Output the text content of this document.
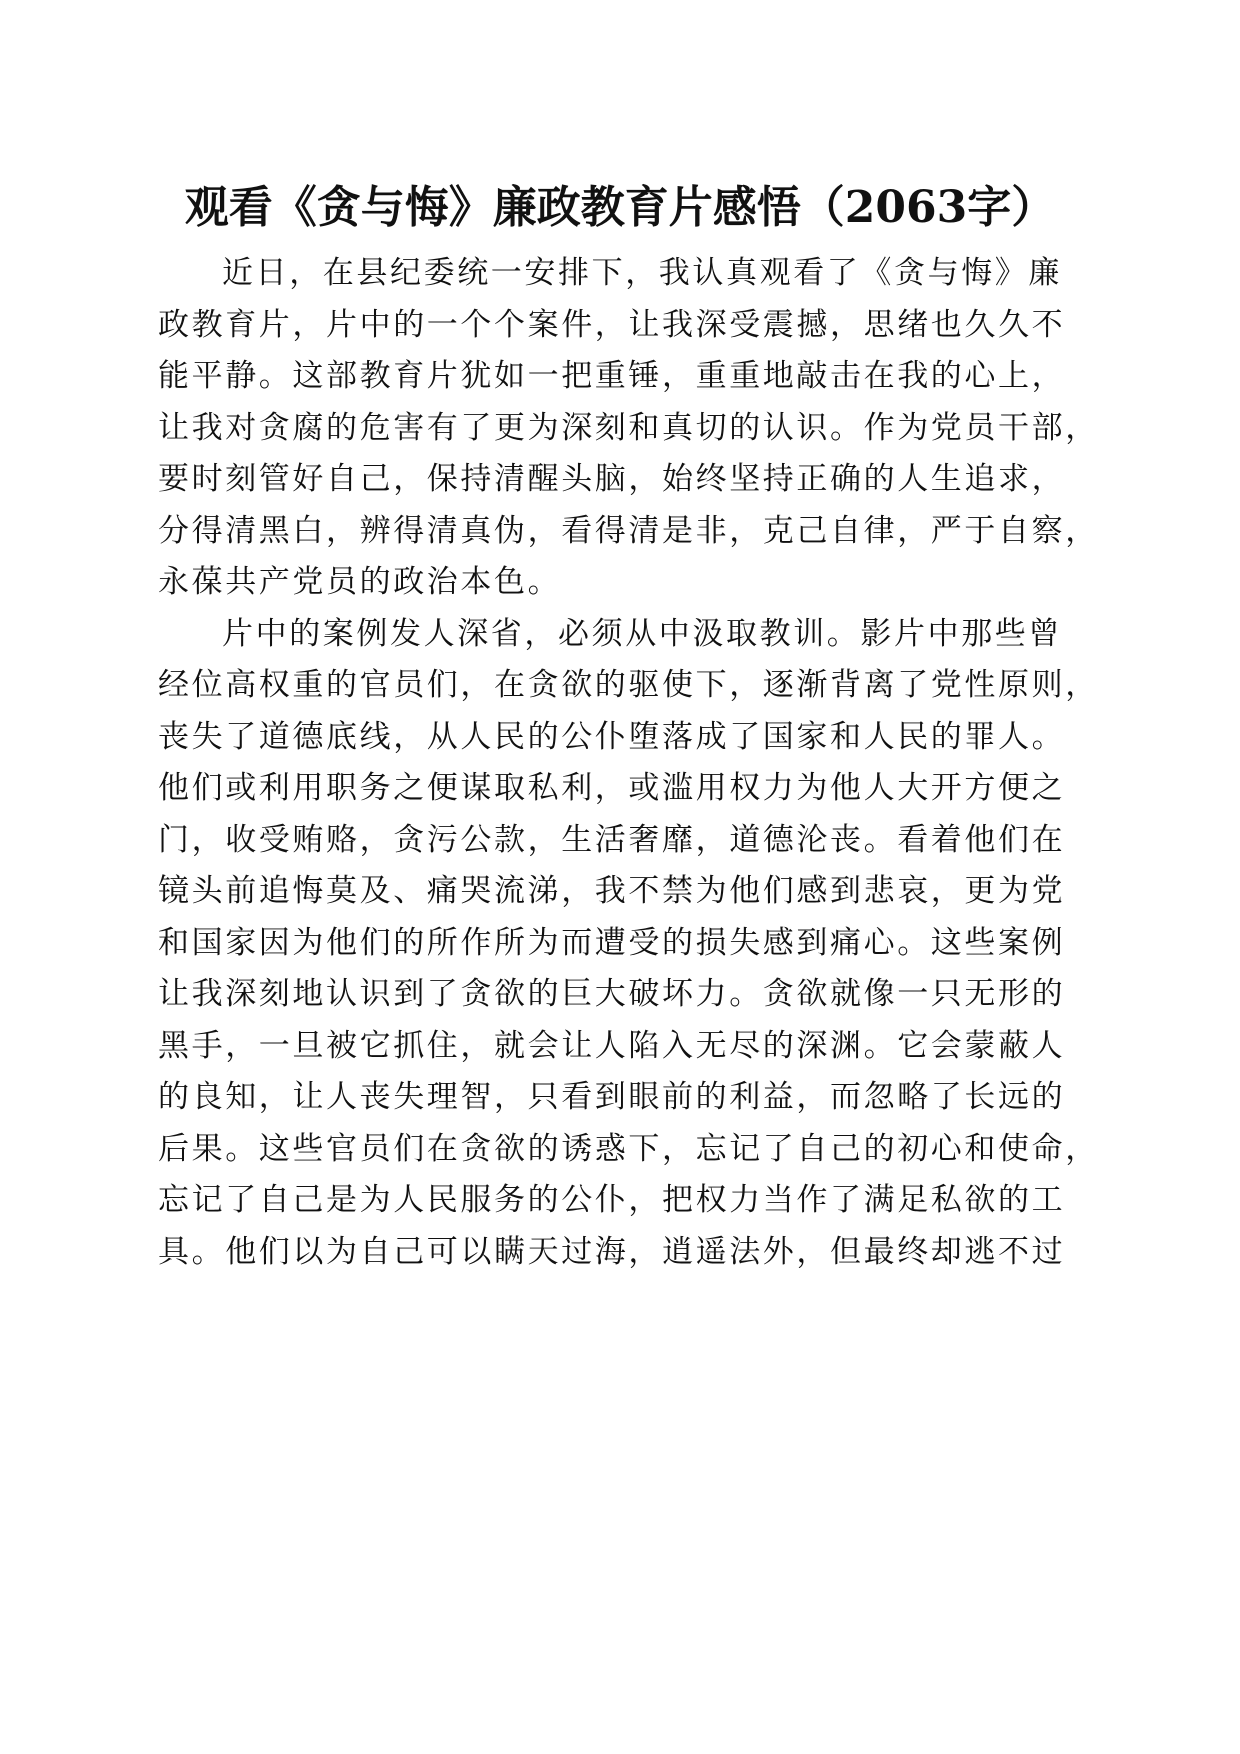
观看《贪与悔》廉政教育片感悟（2063字）
近日，在县纪委统一安排下，我认真观看了《贪与悔》廉
政教育片，片中的一个个案件，让我深受震撼，思绪也久久不
能平静。这部教育片犹如一把重锤，重重地敲击在我的心上，
让我对贪腐的危害有了更为深刻和真切的认识。作为党员干部，
要时刻管好自己，保持清醒头脑，始终坚持正确的人生追求，
分得清黑白，辨得清真伪，看得清是非，克己自律，严于自察，
永葆共产党员的政治本色。
片中的案例发人深省，必须从中汲取教训。影片中那些曾
经位高权重的官员们，在贪欲的驱使下，逐渐背离了党性原则，
丧失了道德底线，从人民的公仆堕落成了国家和人民的罪人。
他们或利用职务之便谋取私利，或滥用权力为他人大开方便之
门，收受贿赂，贪污公款，生活奢靡，道德沦丧。看着他们在
镜头前追悔莫及、痛哭流涕，我不禁为他们感到悲哀，更为党
和国家因为他们的所作所为而遭受的损失感到痛心。这些案例
让我深刻地认识到了贪欲的巨大破坏力。贪欲就像一只无形的
黑手，一旦被它抓住，就会让人陷入无尽的深渊。它会蒙蔽人
的良知，让人丧失理智，只看到眼前的利益，而忽略了长远的
后果。这些官员们在贪欲的诱惑下，忘记了自己的初心和使命，
忘记了自己是为人民服务的公仆，把权力当作了满足私欲的工
具。他们以为自己可以瞒天过海，逍遥法外，但最终却逃不过
